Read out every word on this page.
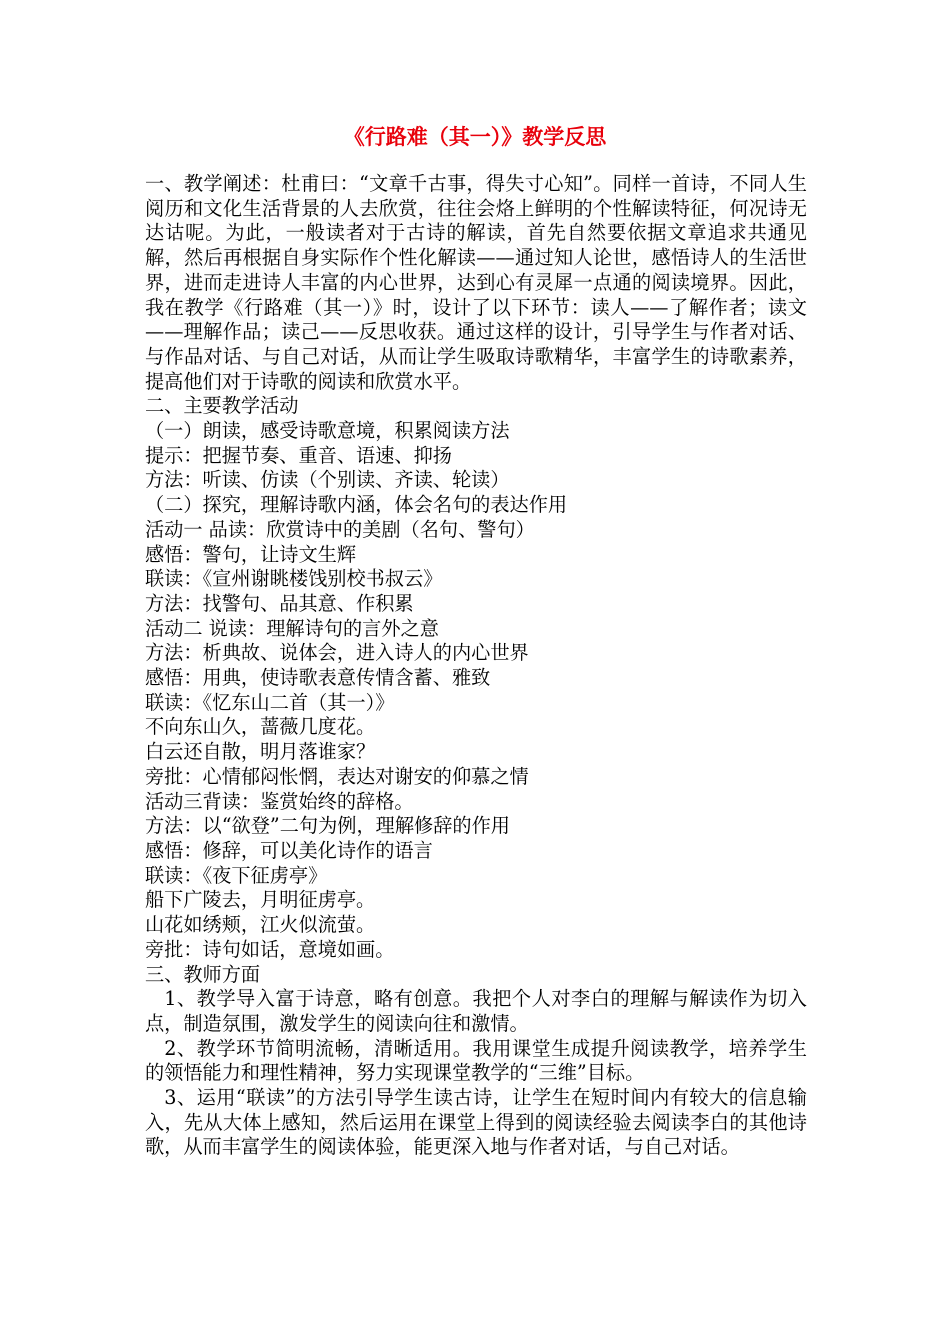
《行路难（其一）》教学反思

一、教学阐述：杜甫曰：“文章千古事，得失寸心知”。同样一首诗，不同人生阅历和文化生活背景的人去欣赏，往往会烙上鲜明的个性解读特征，何况诗无达诂呢。为此，一般读者对于古诗的解读，首先自然要依据文章追求共通见解，然后再根据自身实际作个性化解读——通过知人论世，感悟诗人的生活世界，进而走进诗人丰富的内心世界，达到心有灵犀一点通的阅读境界。因此，我在教学《行路难（其一）》时，设计了以下环节：读人——了解作者；读文——理解作品；读己——反思收获。通过这样的设计，引导学生与作者对话、与作品对话、与自己对话，从而让学生吸取诗歌精华，丰富学生的诗歌素养，提高他们对于诗歌的阅读和欣赏水平。

二、主要教学活动

（一）朗读，感受诗歌意境，积累阅读方法

提示：把握节奏、重音、语速、抑扬

方法：听读、仿读（个别读、齐读、轮读）

（二）探究，理解诗歌内涵，体会名句的表达作用

活动一 品读：欣赏诗中的美剧（名句、警句）

感悟：警句，让诗文生辉

联读：《宣州谢眺楼饯别校书叔云》

方法：找警句、品其意、作积累

活动二 说读：理解诗句的言外之意

方法：析典故、说体会，进入诗人的内心世界

感悟：用典，使诗歌表意传情含蓄、雅致

联读：《忆东山二首（其一）》

不向东山久，蔷薇几度花。

白云还自散，明月落谁家？

旁批：心情郁闷怅惘，表达对谢安的仰慕之情

活动三背读：鉴赏始终的辞格。

方法：以“欲登”二句为例，理解修辞的作用

感悟：修辞，可以美化诗作的语言

联读：《夜下征虏亭》

船下广陵去，月明征虏亭。

山花如绣颊，江火似流萤。

旁批：诗句如话，意境如画。

三、教师方面

1、教学导入富于诗意，略有创意。我把个人对李白的理解与解读作为切入点，制造氛围，激发学生的阅读向往和激情。

2、教学环节简明流畅，清晰适用。我用课堂生成提升阅读教学，培养学生的领悟能力和理性精神，努力实现课堂教学的“三维”目标。

3、运用“联读”的方法引导学生读古诗，让学生在短时间内有较大的信息输入，先从大体上感知，然后运用在课堂上得到的阅读经验去阅读李白的其他诗歌，从而丰富学生的阅读体验，能更深入地与作者对话，与自己对话。
